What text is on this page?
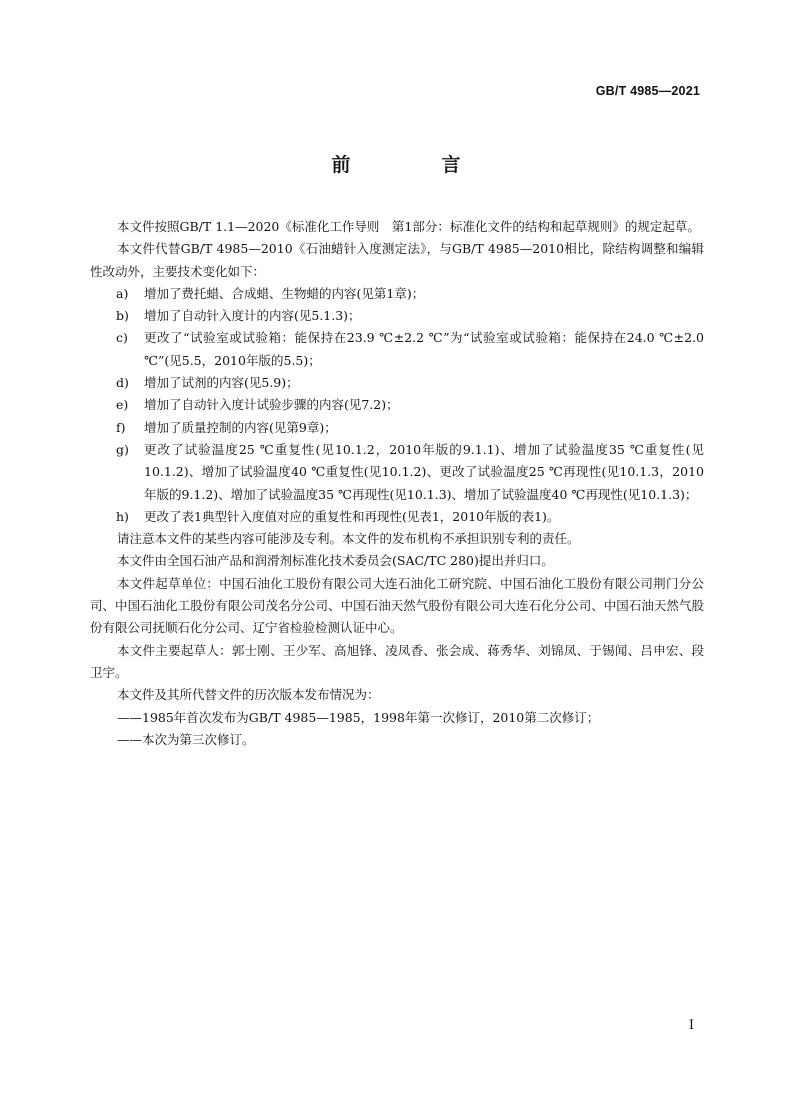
GB/T 4985—2021
前　言

本文件按照GB/T 1.1—2020《标准化工作导则　第1部分：标准化文件的结构和起草规则》的规定起草。

本文件代替GB/T 4985—2010《石油蜡针入度测定法》，与GB/T 4985—2010相比，除结构调整和编辑性改动外，主要技术变化如下：

a) 增加了费托蜡、合成蜡、生物蜡的内容(见第1章)；

b) 增加了自动针入度计的内容(见5.1.3)；

c) 更改了“试验室或试验箱：能保持在23.9 ℃±2.2 ℃”为“试验室或试验箱：能保持在24.0 ℃±2.0 ℃”(见5.5，2010年版的5.5)；

d) 增加了试剂的内容(见5.9)；

e) 增加了自动针入度计试验步骤的内容(见7.2)；

f) 增加了质量控制的内容(见第9章)；

g) 更改了试验温度25 ℃重复性(见10.1.2，2010年版的9.1.1)、增加了试验温度35 ℃重复性(见10.1.2)、增加了试验温度40 ℃重复性(见10.1.2)、更改了试验温度25 ℃再现性(见10.1.3，2010年版的9.1.2)、增加了试验温度35 ℃再现性(见10.1.3)、增加了试验温度40 ℃再现性(见10.1.3)；

h) 更改了表1典型针入度值对应的重复性和再现性(见表1，2010年版的表1)。

请注意本文件的某些内容可能涉及专利。本文件的发布机构不承担识别专利的责任。

本文件由全国石油产品和润滑剂标准化技术委员会(SAC/TC 280)提出并归口。

本文件起草单位：中国石油化工股份有限公司大连石油化工研究院、中国石油化工股份有限公司荆门分公司、中国石油化工股份有限公司茂名分公司、中国石油天然气股份有限公司大连石化分公司、中国石油天然气股份有限公司抚顺石化分公司、辽宁省检验检测认证中心。

本文件主要起草人：郭士刚、王少军、高旭锋、凌凤香、张会成、蒋秀华、刘锦凤、于锡闻、吕申宏、段卫宇。

本文件及其所代替文件的历次版本发布情况为：

——1985年首次发布为GB/T 4985—1985，1998年第一次修订，2010第二次修订；

——本次为第三次修订。

I
